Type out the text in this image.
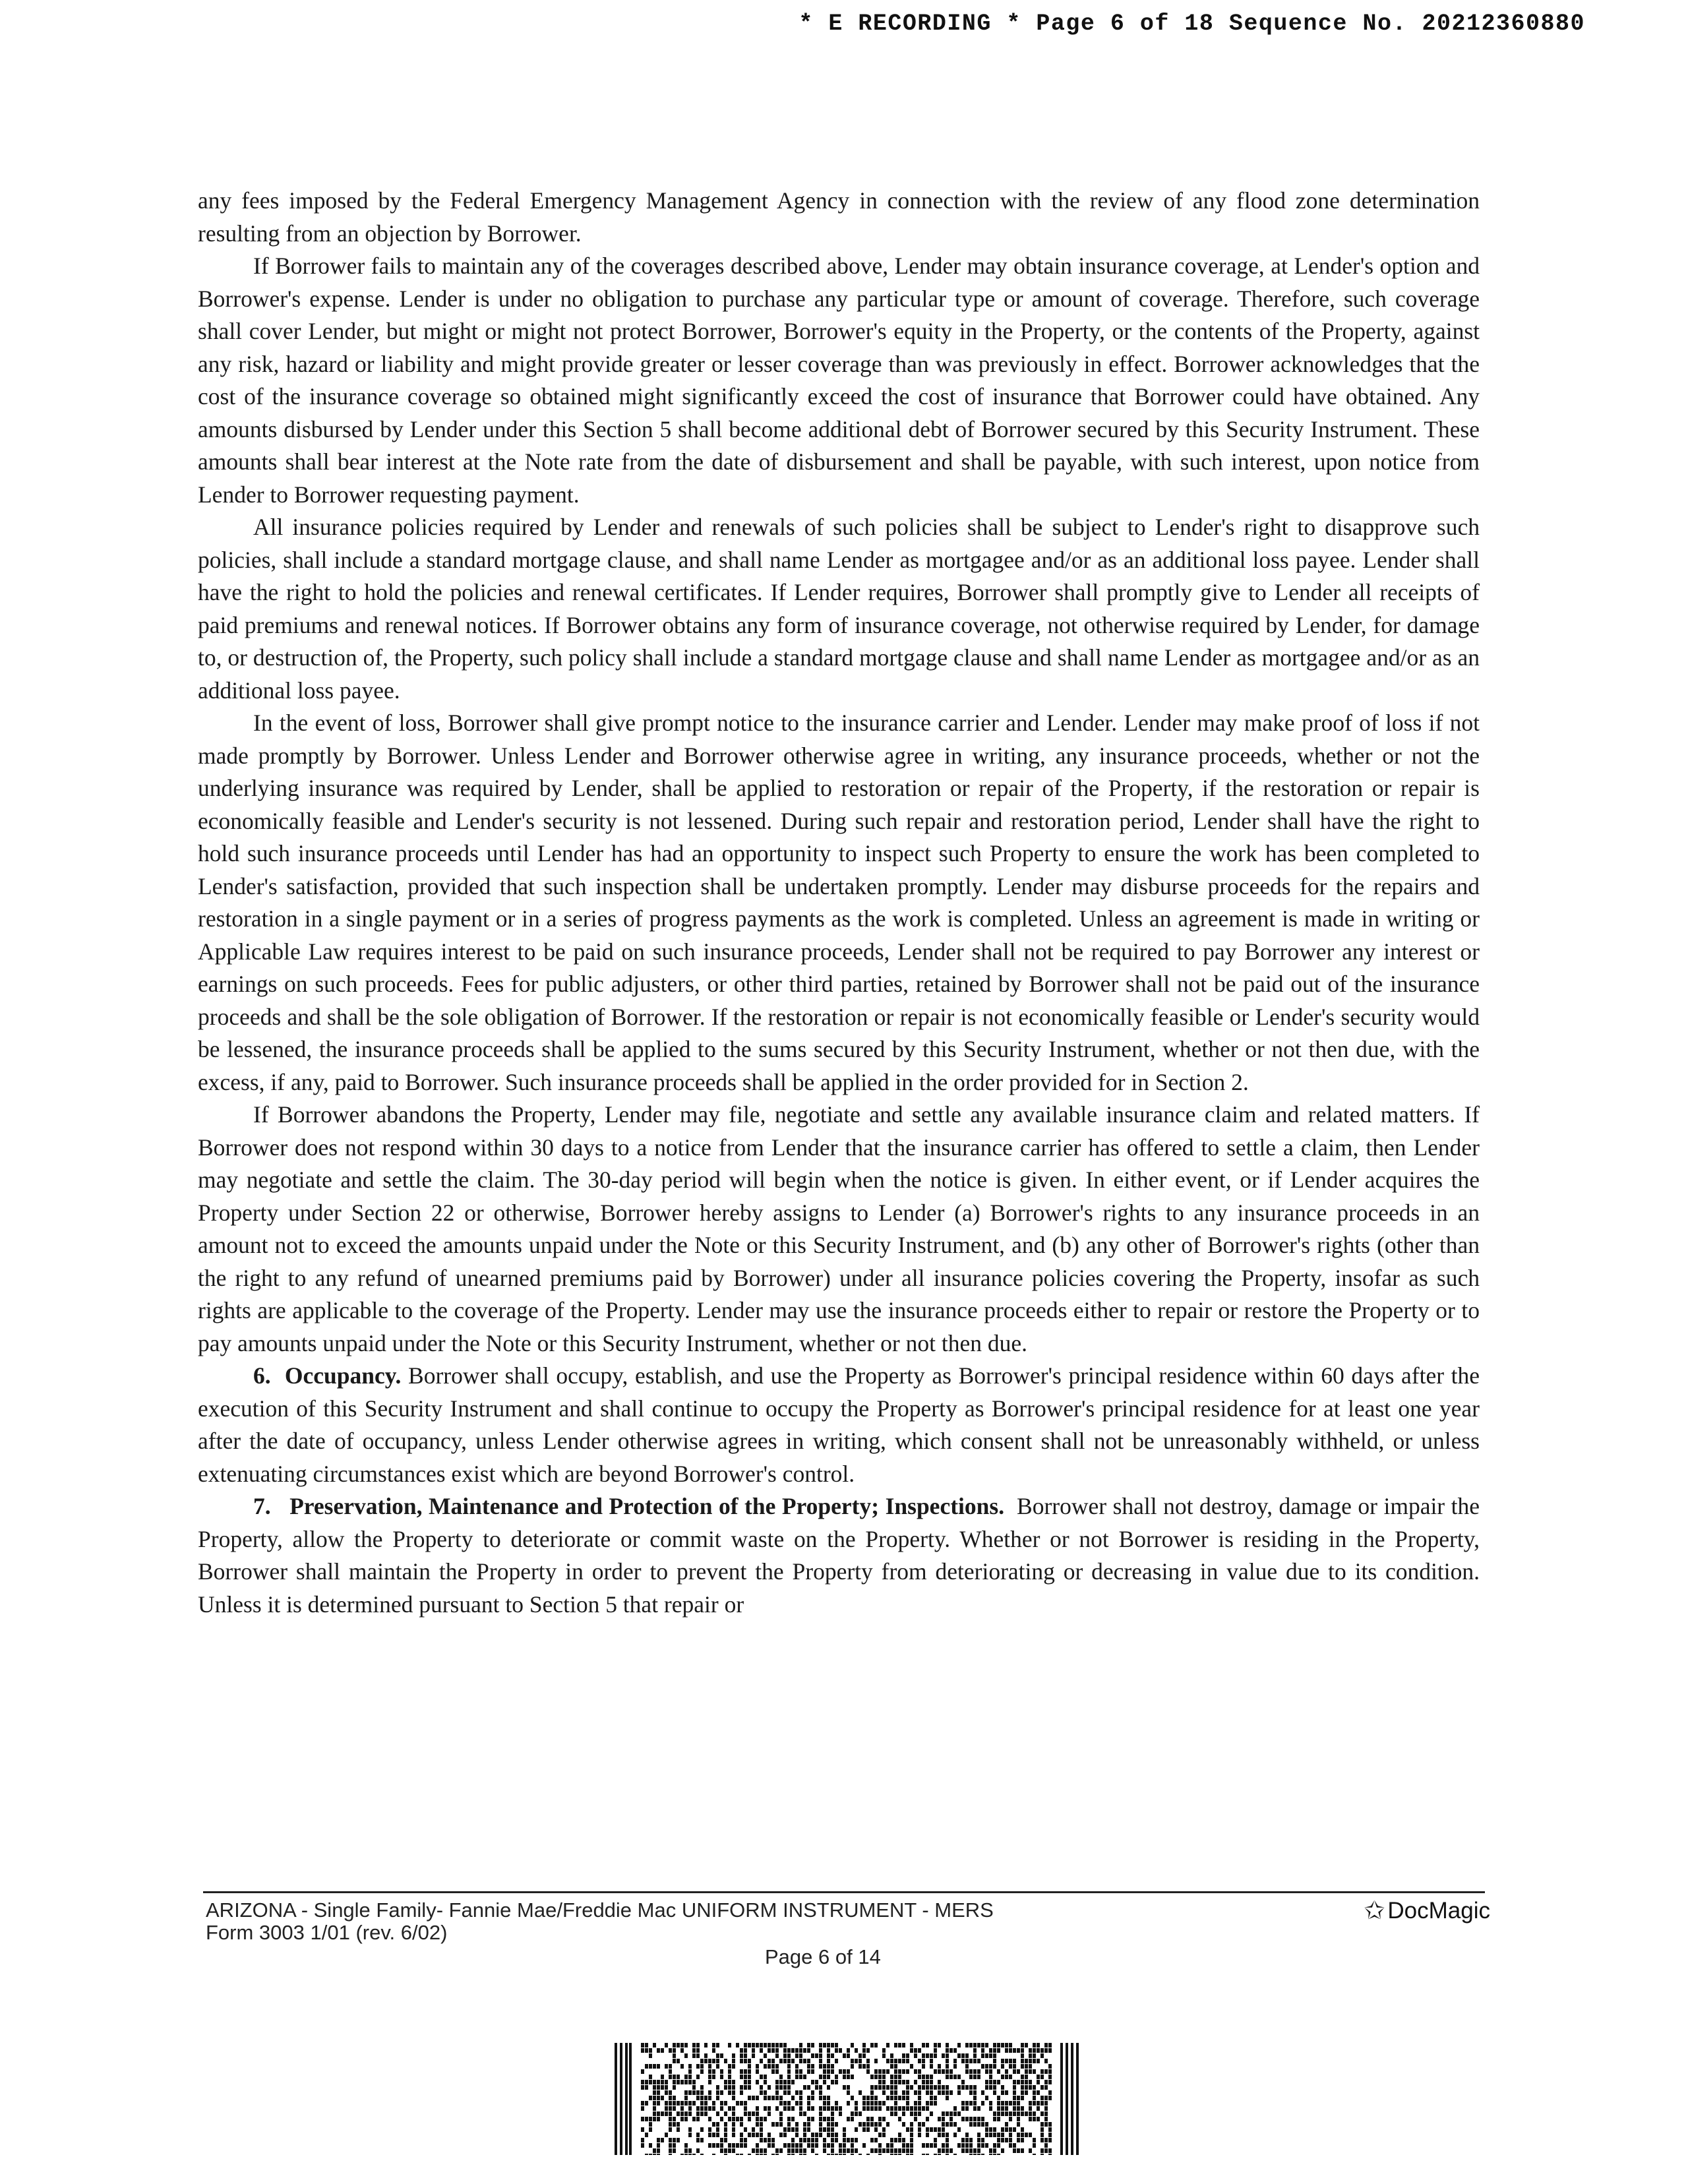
* E RECORDING * Page 6 of 18 Sequence No. 20212360880

any fees imposed by the Federal Emergency Management Agency in connection with the review of any flood zone determination resulting from an objection by Borrower.

If Borrower fails to maintain any of the coverages described above, Lender may obtain insurance coverage, at Lender's option and Borrower's expense. Lender is under no obligation to purchase any particular type or amount of coverage. Therefore, such coverage shall cover Lender, but might or might not protect Borrower, Borrower's equity in the Property, or the contents of the Property, against any risk, hazard or liability and might provide greater or lesser coverage than was previously in effect. Borrower acknowledges that the cost of the insurance coverage so obtained might significantly exceed the cost of insurance that Borrower could have obtained. Any amounts disbursed by Lender under this Section 5 shall become additional debt of Borrower secured by this Security Instrument. These amounts shall bear interest at the Note rate from the date of disbursement and shall be payable, with such interest, upon notice from Lender to Borrower requesting payment.

All insurance policies required by Lender and renewals of such policies shall be subject to Lender's right to disapprove such policies, shall include a standard mortgage clause, and shall name Lender as mortgagee and/or as an additional loss payee. Lender shall have the right to hold the policies and renewal certificates. If Lender requires, Borrower shall promptly give to Lender all receipts of paid premiums and renewal notices. If Borrower obtains any form of insurance coverage, not otherwise required by Lender, for damage to, or destruction of, the Property, such policy shall include a standard mortgage clause and shall name Lender as mortgagee and/or as an additional loss payee.

In the event of loss, Borrower shall give prompt notice to the insurance carrier and Lender. Lender may make proof of loss if not made promptly by Borrower. Unless Lender and Borrower otherwise agree in writing, any insurance proceeds, whether or not the underlying insurance was required by Lender, shall be applied to restoration or repair of the Property, if the restoration or repair is economically feasible and Lender's security is not lessened. During such repair and restoration period, Lender shall have the right to hold such insurance proceeds until Lender has had an opportunity to inspect such Property to ensure the work has been completed to Lender's satisfaction, provided that such inspection shall be undertaken promptly. Lender may disburse proceeds for the repairs and restoration in a single payment or in a series of progress payments as the work is completed. Unless an agreement is made in writing or Applicable Law requires interest to be paid on such insurance proceeds, Lender shall not be required to pay Borrower any interest or earnings on such proceeds. Fees for public adjusters, or other third parties, retained by Borrower shall not be paid out of the insurance proceeds and shall be the sole obligation of Borrower. If the restoration or repair is not economically feasible or Lender's security would be lessened, the insurance proceeds shall be applied to the sums secured by this Security Instrument, whether or not then due, with the excess, if any, paid to Borrower. Such insurance proceeds shall be applied in the order provided for in Section 2.

If Borrower abandons the Property, Lender may file, negotiate and settle any available insurance claim and related matters. If Borrower does not respond within 30 days to a notice from Lender that the insurance carrier has offered to settle a claim, then Lender may negotiate and settle the claim. The 30-day period will begin when the notice is given. In either event, or if Lender acquires the Property under Section 22 or otherwise, Borrower hereby assigns to Lender (a) Borrower's rights to any insurance proceeds in an amount not to exceed the amounts unpaid under the Note or this Security Instrument, and (b) any other of Borrower's rights (other than the right to any refund of unearned premiums paid by Borrower) under all insurance policies covering the Property, insofar as such rights are applicable to the coverage of the Property. Lender may use the insurance proceeds either to repair or restore the Property or to pay amounts unpaid under the Note or this Security Instrument, whether or not then due.

6. Occupancy. Borrower shall occupy, establish, and use the Property as Borrower's principal residence within 60 days after the execution of this Security Instrument and shall continue to occupy the Property as Borrower's principal residence for at least one year after the date of occupancy, unless Lender otherwise agrees in writing, which consent shall not be unreasonably withheld, or unless extenuating circumstances exist which are beyond Borrower's control.

7. Preservation, Maintenance and Protection of the Property; Inspections. Borrower shall not destroy, damage or impair the Property, allow the Property to deteriorate or commit waste on the Property. Whether or not Borrower is residing in the Property, Borrower shall maintain the Property in order to prevent the Property from deteriorating or decreasing in value due to its condition. Unless it is determined pursuant to Section 5 that repair or

ARIZONA - Single Family- Fannie Mae/Freddie Mac UNIFORM INSTRUMENT - MERS
Form 3003 1/01 (rev. 6/02)
Page 6 of 14
✩ DocMagic
